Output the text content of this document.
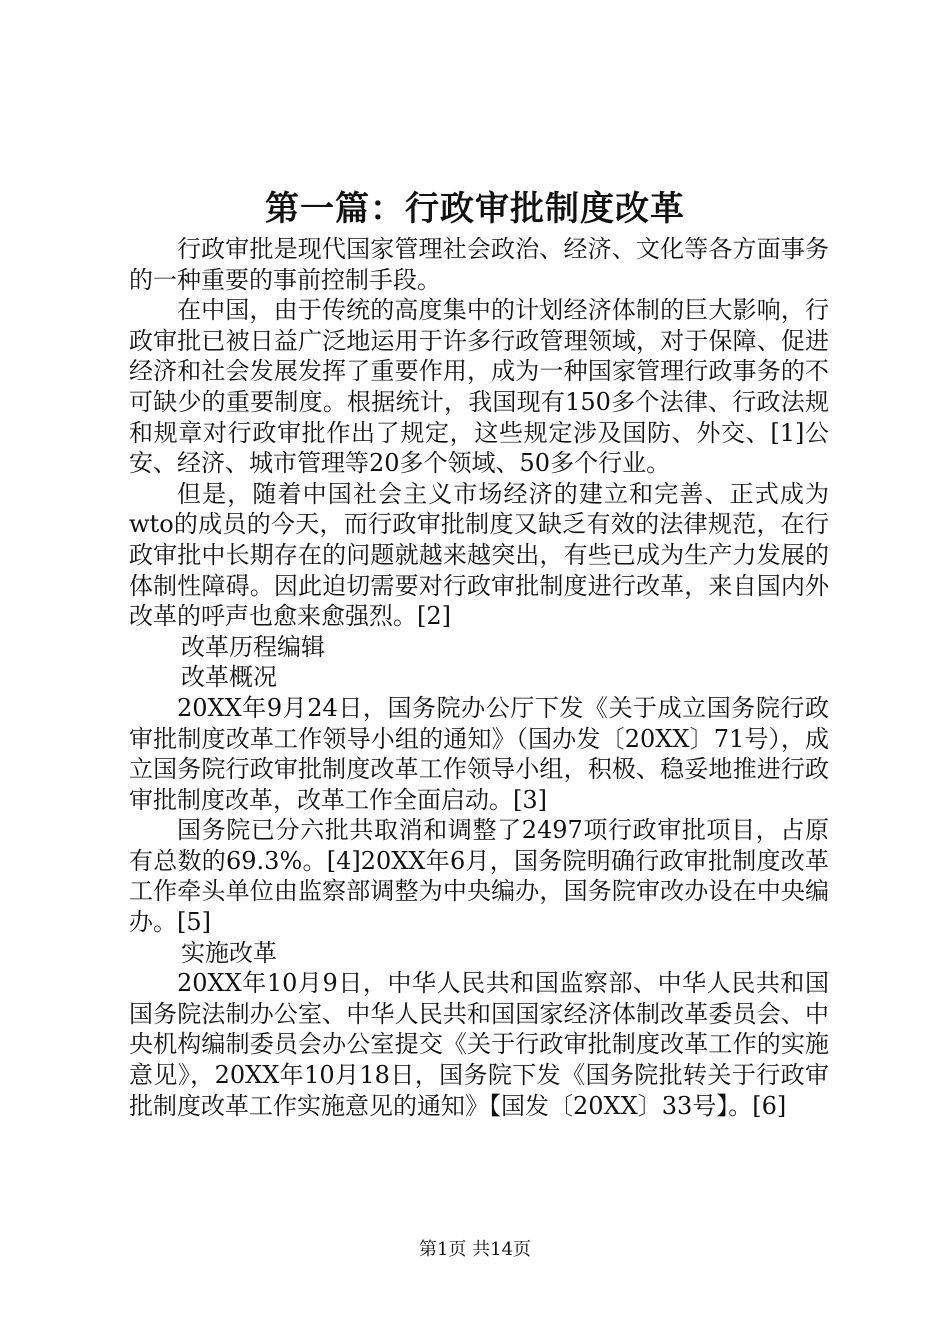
第一篇：行政审批制度改革

行政审批是现代国家管理社会政治、经济、文化等各方面事务的一种重要的事前控制手段。

在中国，由于传统的高度集中的计划经济体制的巨大影响，行政审批已被日益广泛地运用于许多行政管理领域，对于保障、促进经济和社会发展发挥了重要作用，成为一种国家管理行政事务的不可缺少的重要制度。根据统计，我国现有150多个法律、行政法规和规章对行政审批作出了规定，这些规定涉及国防、外交、[1]公安、经济、城市管理等20多个领域、50多个行业。

但是，随着中国社会主义市场经济的建立和完善、正式成为wto的成员的今天，而行政审批制度又缺乏有效的法律规范，在行政审批中长期存在的问题就越来越突出，有些已成为生产力发展的体制性障碍。因此迫切需要对行政审批制度进行改革，来自国内外改革的呼声也愈来愈强烈。[2]

改革历程编辑

改革概况

20XX年9月24日，国务院办公厅下发《关于成立国务院行政审批制度改革工作领导小组的通知》（国办发〔20XX〕71号），成立国务院行政审批制度改革工作领导小组，积极、稳妥地推进行政审批制度改革，改革工作全面启动。[3]

国务院已分六批共取消和调整了2497项行政审批项目，占原有总数的69.3%。[4]20XX年6月，国务院明确行政审批制度改革工作牵头单位由监察部调整为中央编办，国务院审改办设在中央编办。[5]

实施改革

20XX年10月9日，中华人民共和国监察部、中华人民共和国国务院法制办公室、中华人民共和国国家经济体制改革委员会、中央机构编制委员会办公室提交《关于行政审批制度改革工作的实施意见》，20XX年10月18日，国务院下发《国务院批转关于行政审批制度改革工作实施意见的通知》【国发〔20XX〕33号】。[6]

第1页 共14页
